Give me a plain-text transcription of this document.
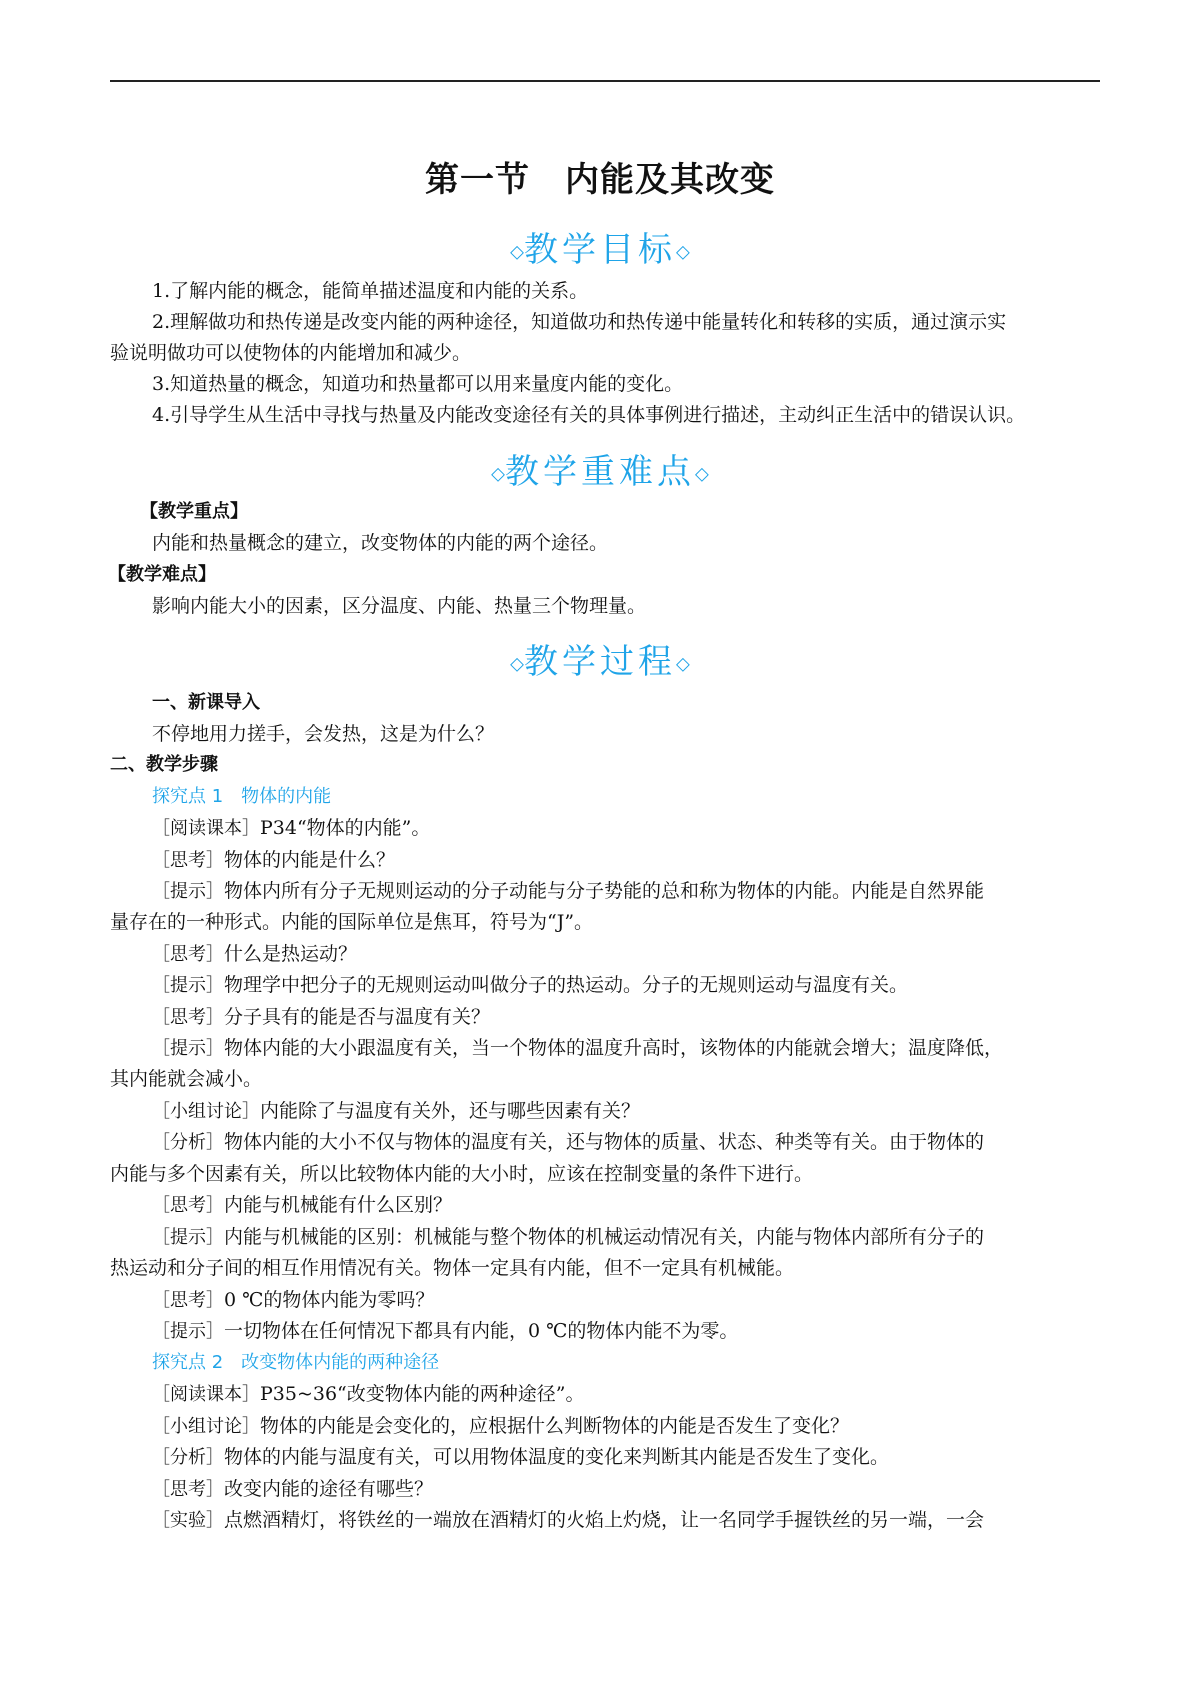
第一节　内能及其改变
◇教学目标◇
1.了解内能的概念，能简单描述温度和内能的关系。
2.理解做功和热传递是改变内能的两种途径，知道做功和热传递中能量转化和转移的实质，通过演示实
验说明做功可以使物体的内能增加和减少。
3.知道热量的概念，知道功和热量都可以用来量度内能的变化。
4.引导学生从生活中寻找与热量及内能改变途径有关的具体事例进行描述，主动纠正生活中的错误认识。
◇教学重难点◇
【教学重点】
内能和热量概念的建立，改变物体的内能的两个途径。
【教学难点】
影响内能大小的因素，区分温度、内能、热量三个物理量。
◇教学过程◇
一、新课导入
不停地用力搓手，会发热，这是为什么？
二、教学步骤
探究点 1　物体的内能
［阅读课本］P34“物体的内能”。
［思考］物体的内能是什么？
［提示］物体内所有分子无规则运动的分子动能与分子势能的总和称为物体的内能。内能是自然界能
量存在的一种形式。内能的国际单位是焦耳，符号为“J”。
［思考］什么是热运动？
［提示］物理学中把分子的无规则运动叫做分子的热运动。分子的无规则运动与温度有关。
［思考］分子具有的能是否与温度有关？
［提示］物体内能的大小跟温度有关，当一个物体的温度升高时，该物体的内能就会增大；温度降低，
其内能就会减小。
［小组讨论］内能除了与温度有关外，还与哪些因素有关？
［分析］物体内能的大小不仅与物体的温度有关，还与物体的质量、状态、种类等有关。由于物体的
内能与多个因素有关，所以比较物体内能的大小时，应该在控制变量的条件下进行。
［思考］内能与机械能有什么区别？
［提示］内能与机械能的区别：机械能与整个物体的机械运动情况有关，内能与物体内部所有分子的
热运动和分子间的相互作用情况有关。物体一定具有内能，但不一定具有机械能。
［思考］0 ℃的物体内能为零吗？
［提示］一切物体在任何情况下都具有内能，0 ℃的物体内能不为零。
探究点 2　改变物体内能的两种途径
［阅读课本］P35~36“改变物体内能的两种途径”。
［小组讨论］物体的内能是会变化的，应根据什么判断物体的内能是否发生了变化？
［分析］物体的内能与温度有关，可以用物体温度的变化来判断其内能是否发生了变化。
［思考］改变内能的途径有哪些？
［实验］点燃酒精灯，将铁丝的一端放在酒精灯的火焰上灼烧，让一名同学手握铁丝的另一端，一会
